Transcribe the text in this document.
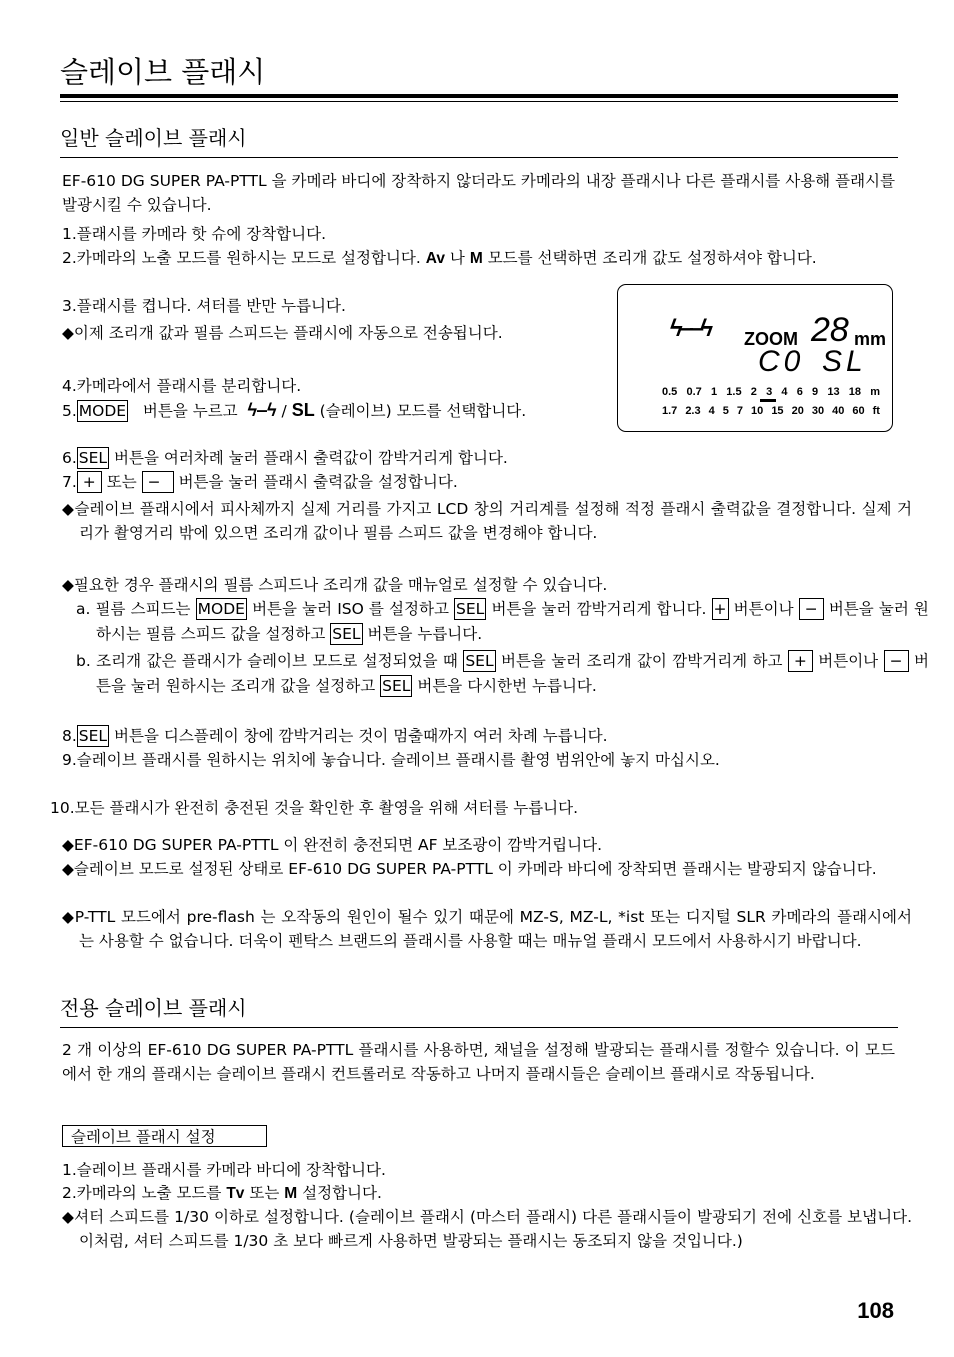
슬레이브 플래시
일반 슬레이브 플래시
EF-610 DG SUPER PA-PTTL 을 카메라 바디에 장착하지 않더라도 카메라의 내장 플래시나 다른 플래시를 사용해 플래시를 발광시킬 수 있습니다.
1.플래시를 카메라 핫 슈에 장착합니다.
2.카메라의 노출 모드를 원하시는 모드로 설정합니다. Av 나 M 모드를 선택하면 조리개 값도 설정하셔야 합니다.
3.플래시를 켭니다. 셔터를 반만 누릅니다.
◆이제 조리개 값과 필름 스피드는 플래시에 자동으로 전송됩니다.	ϟ‒‒ϟ ZOOM 28 mm
C0 SL
0.5 0.7 1 1.5 2 3 4 6 9 13 18 m
1.7 2.3 4 5 7 10 15 20 30 40 60 ft
4.카메라에서 플래시를 분리합니다.
5. MODE 버튼을 누르고 ϟ‒ϟ / SL (슬레이브) 모드를 선택합니다.
6. SEL 버튼을 여러차례 눌러 플래시 출력값이 깜박거리게 합니다.
7. + 또는 − 버튼을 눌러 플래시 출력값을 설정합니다.
◆슬레이브 플래시에서 피사체까지 실제 거리를 가지고 LCD 창의 거리계를 설정해 적정 플래시 출력값을 결정합니다. 실제 거리가 촬영거리 밖에 있으면 조리개 값이나 필름 스피드 값을 변경해야 합니다.
◆필요한 경우 플래시의 필름 스피드나 조리개 값을 매뉴얼로 설정할 수 있습니다.
a. 필름 스피드는 MODE 버튼을 눌러 ISO 를 설정하고 SEL 버튼을 눌러 깜박거리게 합니다. + 버튼이나 − 버튼을 눌러 원하시는 필름 스피드 값을 설정하고 SEL 버튼을 누릅니다.
b. 조리개 값은 플래시가 슬레이브 모드로 설정되었을 때 SEL 버튼을 눌러 조리개 값이 깜박거리게 하고 + 버튼이나 − 버튼을 눌러 원하시는 조리개 값을 설정하고 SEL 버튼을 다시한번 누릅니다.
8. SEL 버튼을 디스플레이 창에 깜박거리는 것이 멈출때까지 여러 차례 누릅니다.
9.슬레이브 플래시를 원하시는 위치에 놓습니다. 슬레이브 플래시를 촬영 범위안에 놓지 마십시오.
10.모든 플래시가 완전히 충전된 것을 확인한 후 촬영을 위해 셔터를 누릅니다.
◆EF-610 DG SUPER PA-PTTL 이 완전히 충전되면 AF 보조광이 깜박거립니다.
◆슬레이브 모드로 설정된 상태로 EF-610 DG SUPER PA-PTTL 이 카메라 바디에 장착되면 플래시는 발광되지 않습니다.
◆P-TTL 모드에서 pre-flash 는 오작동의 원인이 될수 있기 때문에 MZ-S, MZ-L, *ist 또는 디지털 SLR 카메라의 플래시에서는 사용할 수 없습니다. 더욱이 펜탁스 브랜드의 플래시를 사용할 때는 매뉴얼 플래시 모드에서 사용하시기 바랍니다.
전용 슬레이브 플래시
2 개 이상의 EF-610 DG SUPER PA-PTTL 플래시를 사용하면, 채널을 설정해 발광되는 플래시를 정할수 있습니다. 이 모드에서 한 개의 플래시는 슬레이브 플래시 컨트롤러로 작동하고 나머지 플래시들은 슬레이브 플래시로 작동됩니다.
슬레이브 플래시 설정
1.슬레이브 플래시를 카메라 바디에 장착합니다.
2.카메라의 노출 모드를 Tv 또는 M 설정합니다.
◆셔터 스피드를 1/30 이하로 설정합니다. (슬레이브 플래시 (마스터 플래시) 다른 플래시들이 발광되기 전에 신호를 보냅니다. 이처럼, 셔터 스피드를 1/30 초 보다 빠르게 사용하면 발광되는 플래시는 동조되지 않을 것입니다.)
108
